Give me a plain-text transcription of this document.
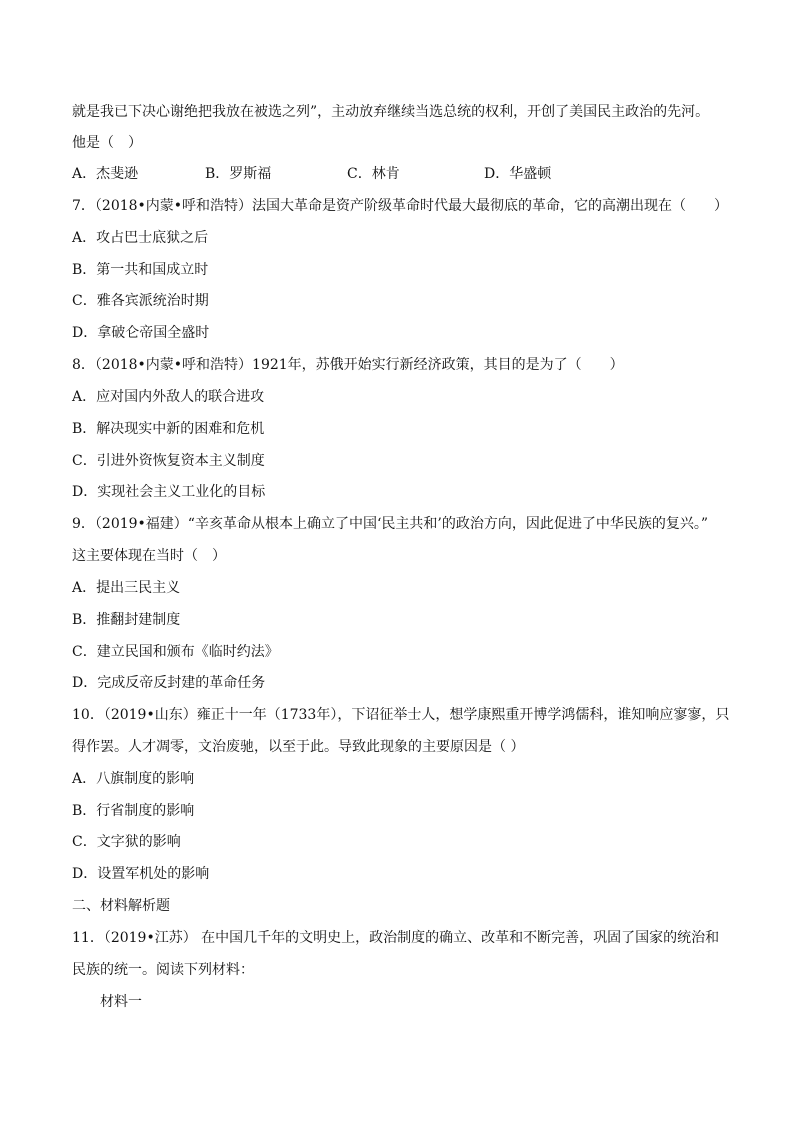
就是我已下决心谢绝把我放在被选之列”，主动放弃继续当选总统的权利，开创了美国民主政治的先河。
他是（　）
A．杰斐逊	B．罗斯福	C．林肯	D．华盛顿
7．（2018•内蒙•呼和浩特）法国大革命是资产阶级革命时代最大最彻底的革命，它的高潮出现在（　　）
A．攻占巴士底狱之后
B．第一共和国成立时
C．雅各宾派统治时期
D．拿破仑帝国全盛时
8．（2018•内蒙•呼和浩特）1921年，苏俄开始实行新经济政策，其目的是为了（　　）
A．应对国内外敌人的联合进攻
B．解决现实中新的困难和危机
C．引进外资恢复资本主义制度
D．实现社会主义工业化的目标
9．（2019•福建）“辛亥革命从根本上确立了中国‘民主共和’的政治方向，因此促进了中华民族的复兴。”
这主要体现在当时（　）
A．提出三民主义
B．推翻封建制度
C．建立民国和颁布《临时约法》
D．完成反帝反封建的革命任务
10．（2019•山东）雍正十一年（1733年），下诏征举士人，想学康熙重开博学鸿儒科，谁知响应寥寥，只
得作罢。人才凋零，文治废驰，以至于此。导致此现象的主要原因是（ ）
A．八旗制度的影响
B．行省制度的影响
C．文字狱的影响
D．设置军机处的影响
二、材料解析题
11．（2019•江苏） 在中国几千年的文明史上，政治制度的确立、改革和不断完善，巩固了国家的统治和
民族的统一。阅读下列材料：
材料一
